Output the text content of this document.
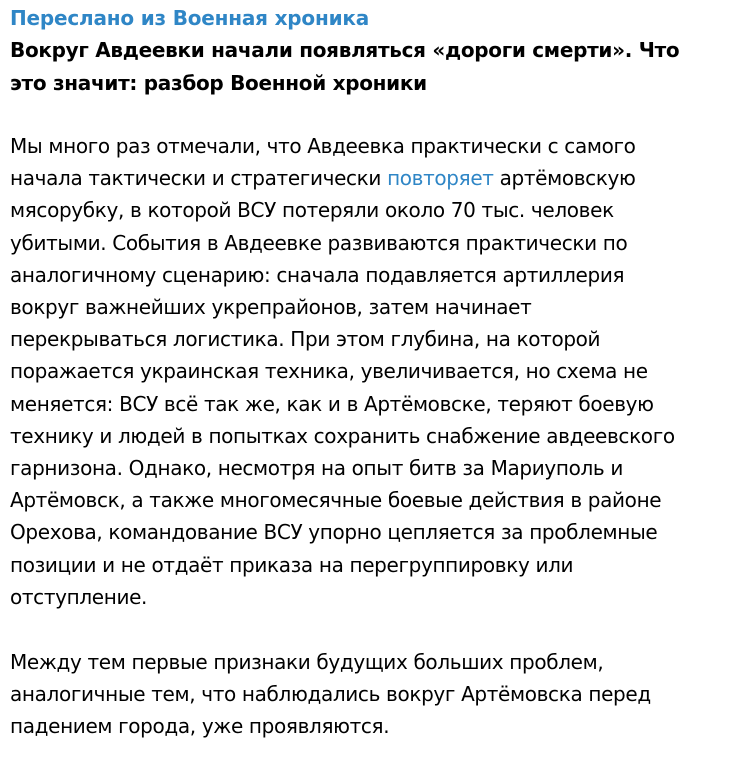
Переслано из Военная хроника
Вокруг Авдеевки начали появляться «дороги смерти». Что
это значит: разбор Военной хроники
Мы много раз отмечали, что Авдеевка практически с самого
начала тактически и стратегически повторяет артёмовскую
мясорубку, в которой ВСУ потеряли около 70 тыс. человек
убитыми. События в Авдеевке развиваются практически по
аналогичному сценарию: сначала подавляется артиллерия
вокруг важнейших укрепрайонов, затем начинает
перекрываться логистика. При этом глубина, на которой
поражается украинская техника, увеличивается, но схема не
меняется: ВСУ всё так же, как и в Артёмовске, теряют боевую
технику и людей в попытках сохранить снабжение авдеевского
гарнизона. Однако, несмотря на опыт битв за Мариуполь и
Артёмовск, а также многомесячные боевые действия в районе
Орехова, командование ВСУ упорно цепляется за проблемные
позиции и не отдаёт приказа на перегруппировку или
отступление.
Между тем первые признаки будущих больших проблем,
аналогичные тем, что наблюдались вокруг Артёмовска перед
падением города, уже проявляются.
